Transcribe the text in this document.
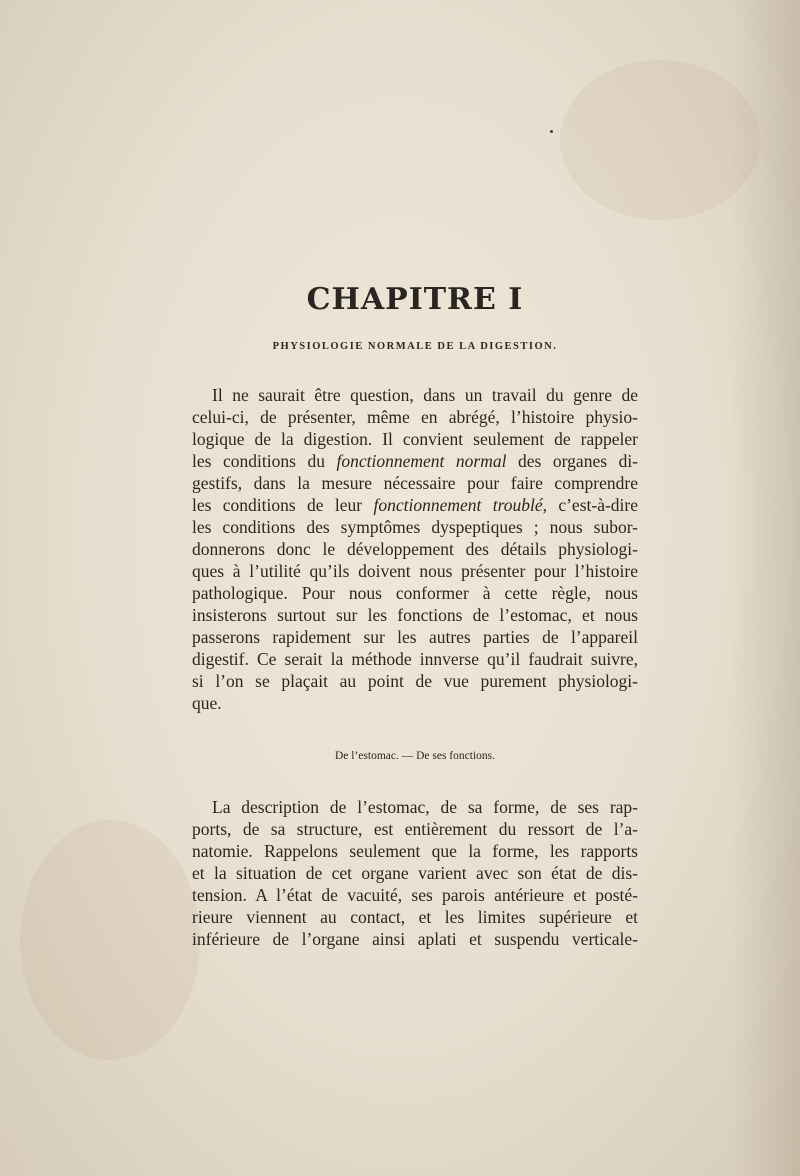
CHAPITRE I
PHYSIOLOGIE NORMALE DE LA DIGESTION.
Il ne saurait être question, dans un travail du genre de
celui-ci, de présenter, même en abrégé, l’histoire physio-
logique de la digestion. Il convient seulement de rappeler
les conditions du fonctionnement normal des organes di-
gestifs, dans la mesure nécessaire pour faire comprendre
les conditions de leur fonctionnement troublé, c’est-à-dire
les conditions des symptômes dyspeptiques ; nous subor-
donnerons donc le développement des détails physiologi-
ques à l’utilité qu’ils doivent nous présenter pour l’histoire
pathologique. Pour nous conformer à cette règle, nous
insisterons surtout sur les fonctions de l’estomac, et nous
passerons rapidement sur les autres parties de l’appareil
digestif. Ce serait la méthode innverse qu’il faudrait suivre,
si l’on se plaçait au point de vue purement physiologi-
que.
De l’estomac. — De ses fonctions.
La description de l’estomac, de sa forme, de ses rap-
ports, de sa structure, est entièrement du ressort de l’a-
natomie. Rappelons seulement que la forme, les rapports
et la situation de cet organe varient avec son état de dis-
tension. A l’état de vacuité, ses parois antérieure et posté-
rieure viennent au contact, et les limites supérieure et
inférieure de l’organe ainsi aplati et suspendu verticale-
